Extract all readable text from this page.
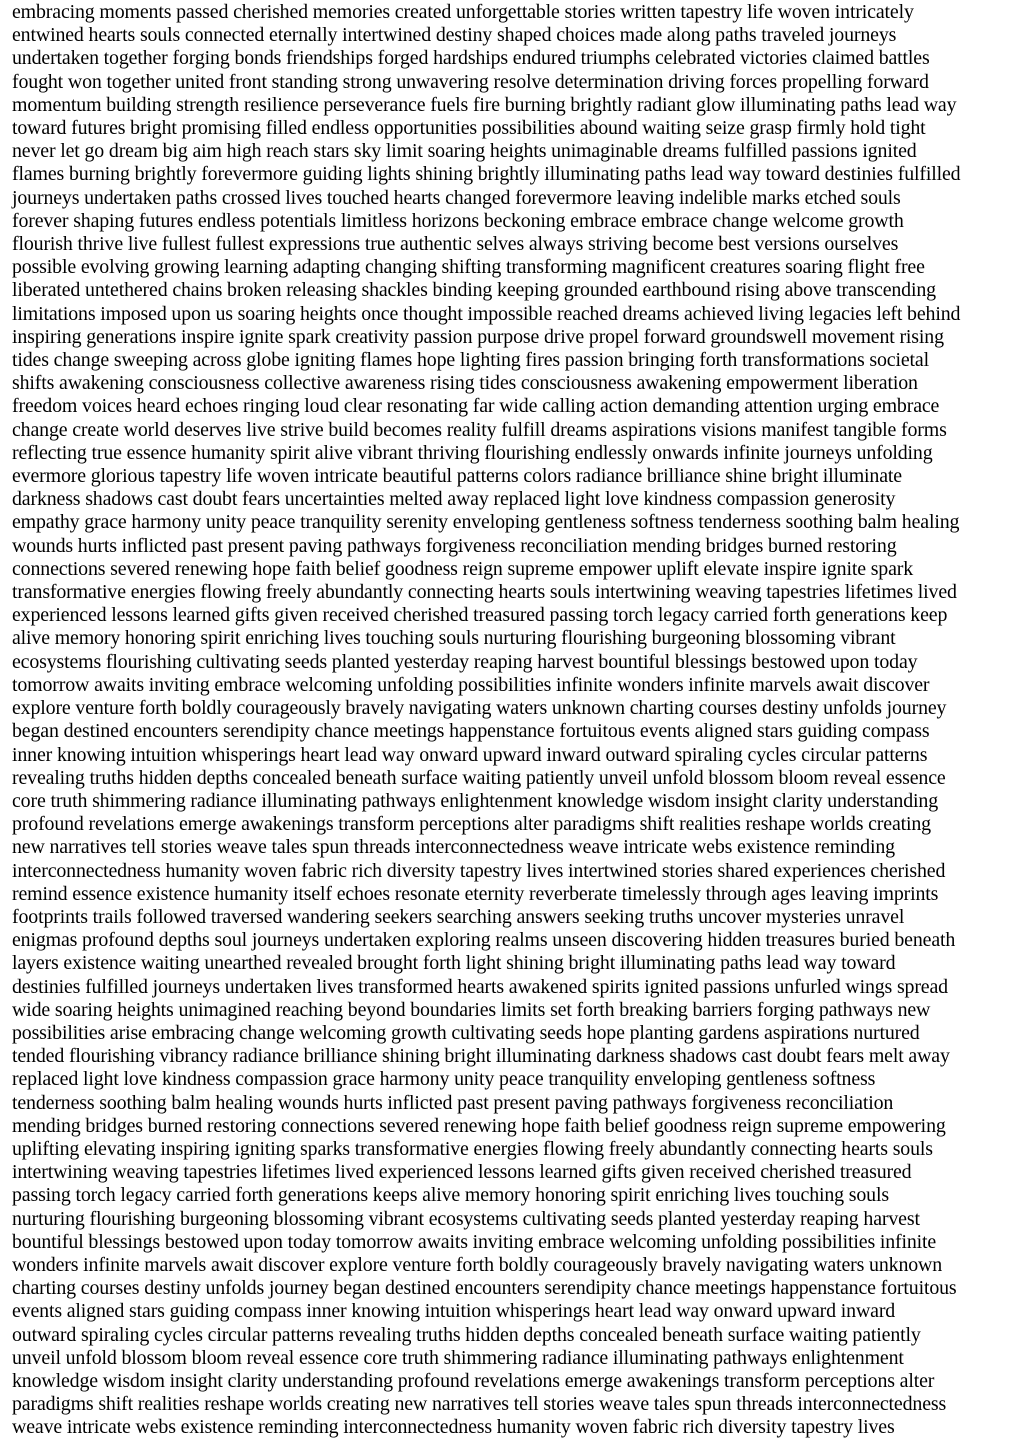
embracing moments passed cherished memories created unforgettable stories written tapestry life woven intricately
entwined hearts souls connected eternally intertwined destiny shaped choices made along paths traveled journeys
undertaken together forging bonds friendships forged hardships endured triumphs celebrated victories claimed battles
fought won together united front standing strong unwavering resolve determination driving forces propelling forward
momentum building strength resilience perseverance fuels fire burning brightly radiant glow illuminating paths lead way
toward futures bright promising filled endless opportunities possibilities abound waiting seize grasp firmly hold tight
never let go dream big aim high reach stars sky limit soaring heights unimaginable dreams fulfilled passions ignited
flames burning brightly forevermore guiding lights shining brightly illuminating paths lead way toward destinies fulfilled
journeys undertaken paths crossed lives touched hearts changed forevermore leaving indelible marks etched souls
forever shaping futures endless potentials limitless horizons beckoning embrace embrace change welcome growth
flourish thrive live fullest fullest expressions true authentic selves always striving become best versions ourselves
possible evolving growing learning adapting changing shifting transforming magnificent creatures soaring flight free
liberated untethered chains broken releasing shackles binding keeping grounded earthbound rising above transcending
limitations imposed upon us soaring heights once thought impossible reached dreams achieved living legacies left behind
inspiring generations inspire ignite spark creativity passion purpose drive propel forward groundswell movement rising
tides change sweeping across globe igniting flames hope lighting fires passion bringing forth transformations societal
shifts awakening consciousness collective awareness rising tides consciousness awakening empowerment liberation
freedom voices heard echoes ringing loud clear resonating far wide calling action demanding attention urging embrace
change create world deserves live strive build becomes reality fulfill dreams aspirations visions manifest tangible forms
reflecting true essence humanity spirit alive vibrant thriving flourishing endlessly onwards infinite journeys unfolding
evermore glorious tapestry life woven intricate beautiful patterns colors radiance brilliance shine bright illuminate
darkness shadows cast doubt fears uncertainties melted away replaced light love kindness compassion generosity
empathy grace harmony unity peace tranquility serenity enveloping gentleness softness tenderness soothing balm healing
wounds hurts inflicted past present paving pathways forgiveness reconciliation mending bridges burned restoring
connections severed renewing hope faith belief goodness reign supreme empower uplift elevate inspire ignite spark
transformative energies flowing freely abundantly connecting hearts souls intertwining weaving tapestries lifetimes lived
experienced lessons learned gifts given received cherished treasured passing torch legacy carried forth generations keep
alive memory honoring spirit enriching lives touching souls nurturing flourishing burgeoning blossoming vibrant
ecosystems flourishing cultivating seeds planted yesterday reaping harvest bountiful blessings bestowed upon today
tomorrow awaits inviting embrace welcoming unfolding possibilities infinite wonders infinite marvels await discover
explore venture forth boldly courageously bravely navigating waters unknown charting courses destiny unfolds journey
began destined encounters serendipity chance meetings happenstance fortuitous events aligned stars guiding compass
inner knowing intuition whisperings heart lead way onward upward inward outward spiraling cycles circular patterns
revealing truths hidden depths concealed beneath surface waiting patiently unveil unfold blossom bloom reveal essence
core truth shimmering radiance illuminating pathways enlightenment knowledge wisdom insight clarity understanding
profound revelations emerge awakenings transform perceptions alter paradigms shift realities reshape worlds creating
new narratives tell stories weave tales spun threads interconnectedness weave intricate webs existence reminding
interconnectedness humanity woven fabric rich diversity tapestry lives intertwined stories shared experiences cherished
remind essence existence humanity itself echoes resonate eternity reverberate timelessly through ages leaving imprints
footprints trails followed traversed wandering seekers searching answers seeking truths uncover mysteries unravel
enigmas profound depths soul journeys undertaken exploring realms unseen discovering hidden treasures buried beneath
layers existence waiting unearthed revealed brought forth light shining bright illuminating paths lead way toward
destinies fulfilled journeys undertaken lives transformed hearts awakened spirits ignited passions unfurled wings spread
wide soaring heights unimagined reaching beyond boundaries limits set forth breaking barriers forging pathways new
possibilities arise embracing change welcoming growth cultivating seeds hope planting gardens aspirations nurtured
tended flourishing vibrancy radiance brilliance shining bright illuminating darkness shadows cast doubt fears melt away
replaced light love kindness compassion grace harmony unity peace tranquility enveloping gentleness softness
tenderness soothing balm healing wounds hurts inflicted past present paving pathways forgiveness reconciliation
mending bridges burned restoring connections severed renewing hope faith belief goodness reign supreme empowering
uplifting elevating inspiring igniting sparks transformative energies flowing freely abundantly connecting hearts souls
intertwining weaving tapestries lifetimes lived experienced lessons learned gifts given received cherished treasured
passing torch legacy carried forth generations keeps alive memory honoring spirit enriching lives touching souls
nurturing flourishing burgeoning blossoming vibrant ecosystems cultivating seeds planted yesterday reaping harvest
bountiful blessings bestowed upon today tomorrow awaits inviting embrace welcoming unfolding possibilities infinite
wonders infinite marvels await discover explore venture forth boldly courageously bravely navigating waters unknown
charting courses destiny unfolds journey began destined encounters serendipity chance meetings happenstance fortuitous
events aligned stars guiding compass inner knowing intuition whisperings heart lead way onward upward inward
outward spiraling cycles circular patterns revealing truths hidden depths concealed beneath surface waiting patiently
unveil unfold blossom bloom reveal essence core truth shimmering radiance illuminating pathways enlightenment
knowledge wisdom insight clarity understanding profound revelations emerge awakenings transform perceptions alter
paradigms shift realities reshape worlds creating new narratives tell stories weave tales spun threads interconnectedness
weave intricate webs existence reminding interconnectedness humanity woven fabric rich diversity tapestry lives
